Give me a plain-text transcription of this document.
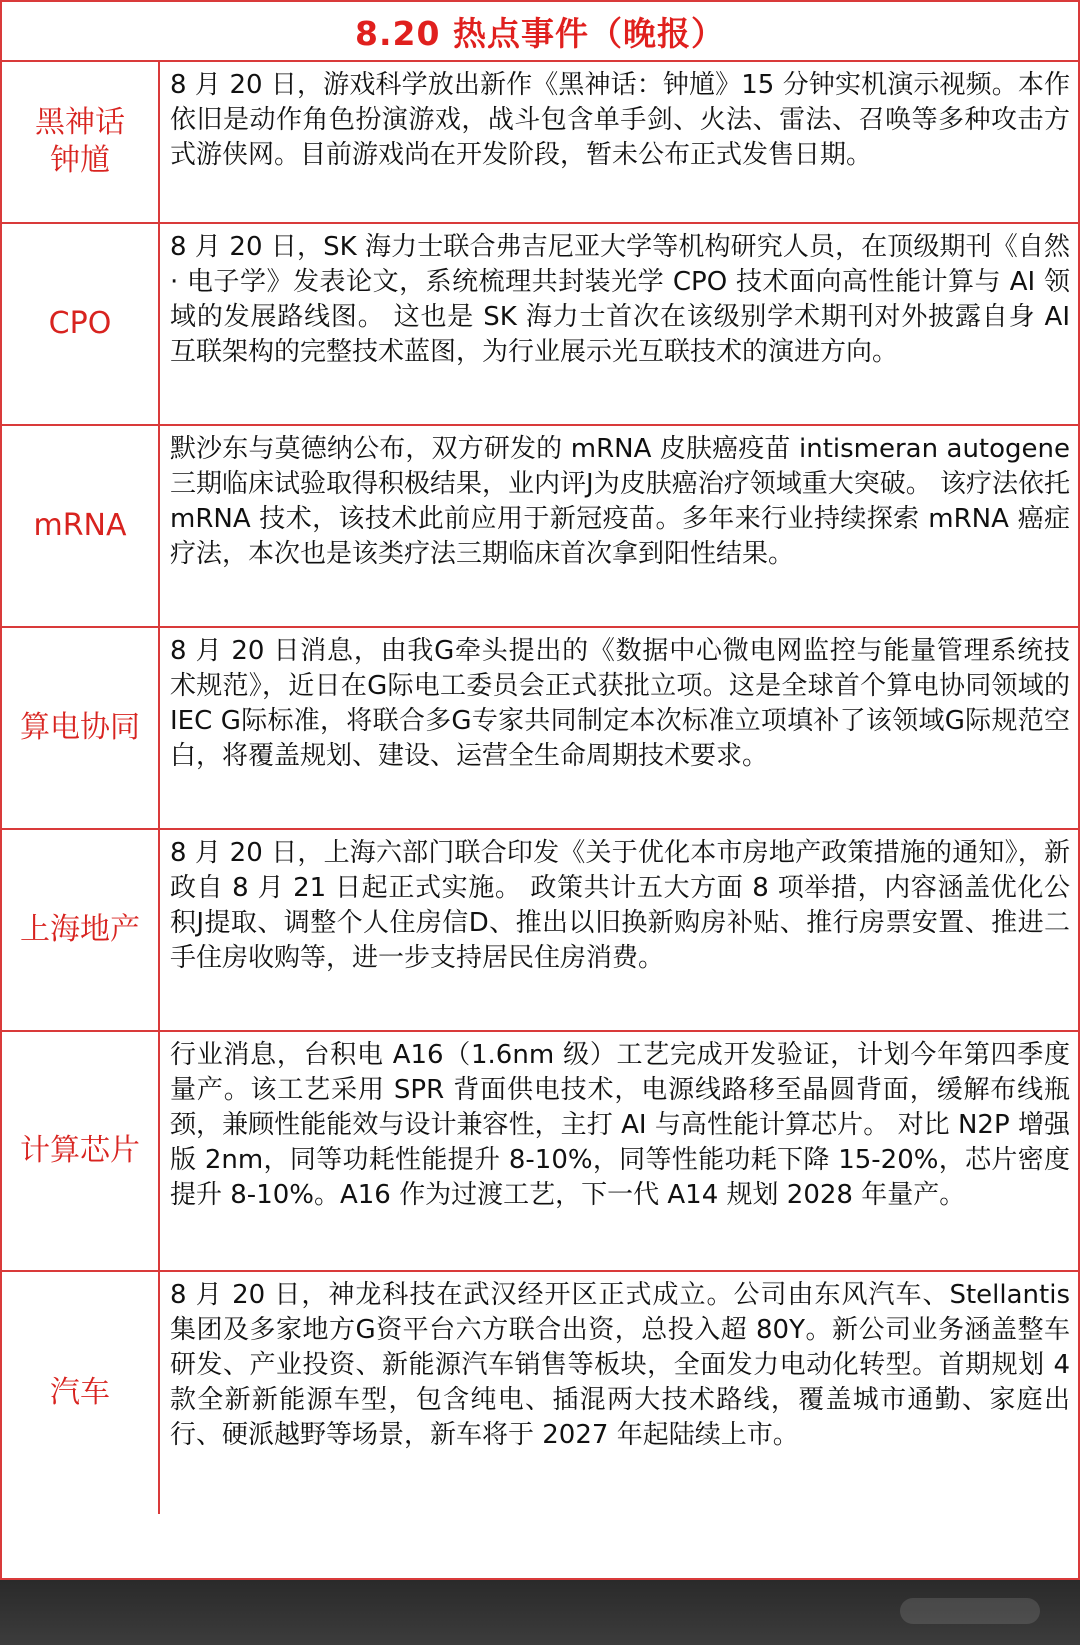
8.20 热点事件（晚报）
黑神话
钟馗
8 月 20 日，游戏科学放出新作《黑神话：钟馗》15 分钟实机演示视频。本作依旧是动作角色扮演游戏，战斗包含单手剑、火法、雷法、召唤等多种攻击方式游侠网。目前游戏尚在开发阶段，暂未公布正式发售日期。
CPO
8 月 20 日，SK 海力士联合弗吉尼亚大学等机构研究人员，在顶级期刊《自然 · 电子学》发表论文，系统梳理共封装光学 CPO 技术面向高性能计算与 AI 领域的发展路线图。 这也是 SK 海力士首次在该级别学术期刊对外披露自身 AI 互联架构的完整技术蓝图，为行业展示光互联技术的演进方向。
mRNA
默沙东与莫德纳公布，双方研发的 mRNA 皮肤癌疫苗 intismeran autogene 三期临床试验取得积极结果，业内评J为皮肤癌治疗领域重大突破。 该疗法依托 mRNA 技术，该技术此前应用于新冠疫苗。多年来行业持续探索 mRNA 癌症疗法，本次也是该类疗法三期临床首次拿到阳性结果。
算电协同
8 月 20 日消息，由我G牵头提出的《数据中心微电网监控与能量管理系统技术规范》，近日在G际电工委员会正式获批立项。这是全球首个算电协同领域的 IEC G际标准，将联合多G专家共同制定本次标准立项填补了该领域G际规范空白，将覆盖规划、建设、运营全生命周期技术要求。
上海地产
8 月 20 日，上海六部门联合印发《关于优化本市房地产政策措施的通知》，新政自 8 月 21 日起正式实施。 政策共计五大方面 8 项举措，内容涵盖优化公积J提取、调整个人住房信D、推出以旧换新购房补贴、推行房票安置、推进二手住房收购等，进一步支持居民住房消费。
计算芯片
行业消息，台积电 A16（1.6nm 级）工艺完成开发验证，计划今年第四季度量产。该工艺采用 SPR 背面供电技术，电源线路移至晶圆背面，缓解布线瓶颈，兼顾性能能效与设计兼容性，主打 AI 与高性能计算芯片。 对比 N2P 增强版 2nm，同等功耗性能提升 8-10%，同等性能功耗下降 15-20%，芯片密度提升 8-10%。A16 作为过渡工艺，下一代 A14 规划 2028 年量产。
汽车
8 月 20 日，神龙科技在武汉经开区正式成立。公司由东风汽车、Stellantis 集团及多家地方G资平台六方联合出资，总投入超 80Y。新公司业务涵盖整车研发、产业投资、新能源汽车销售等板块，全面发力电动化转型。首期规划 4 款全新新能源车型，包含纯电、插混两大技术路线，覆盖城市通勤、家庭出行、硬派越野等场景，新车将于 2027 年起陆续上市。
